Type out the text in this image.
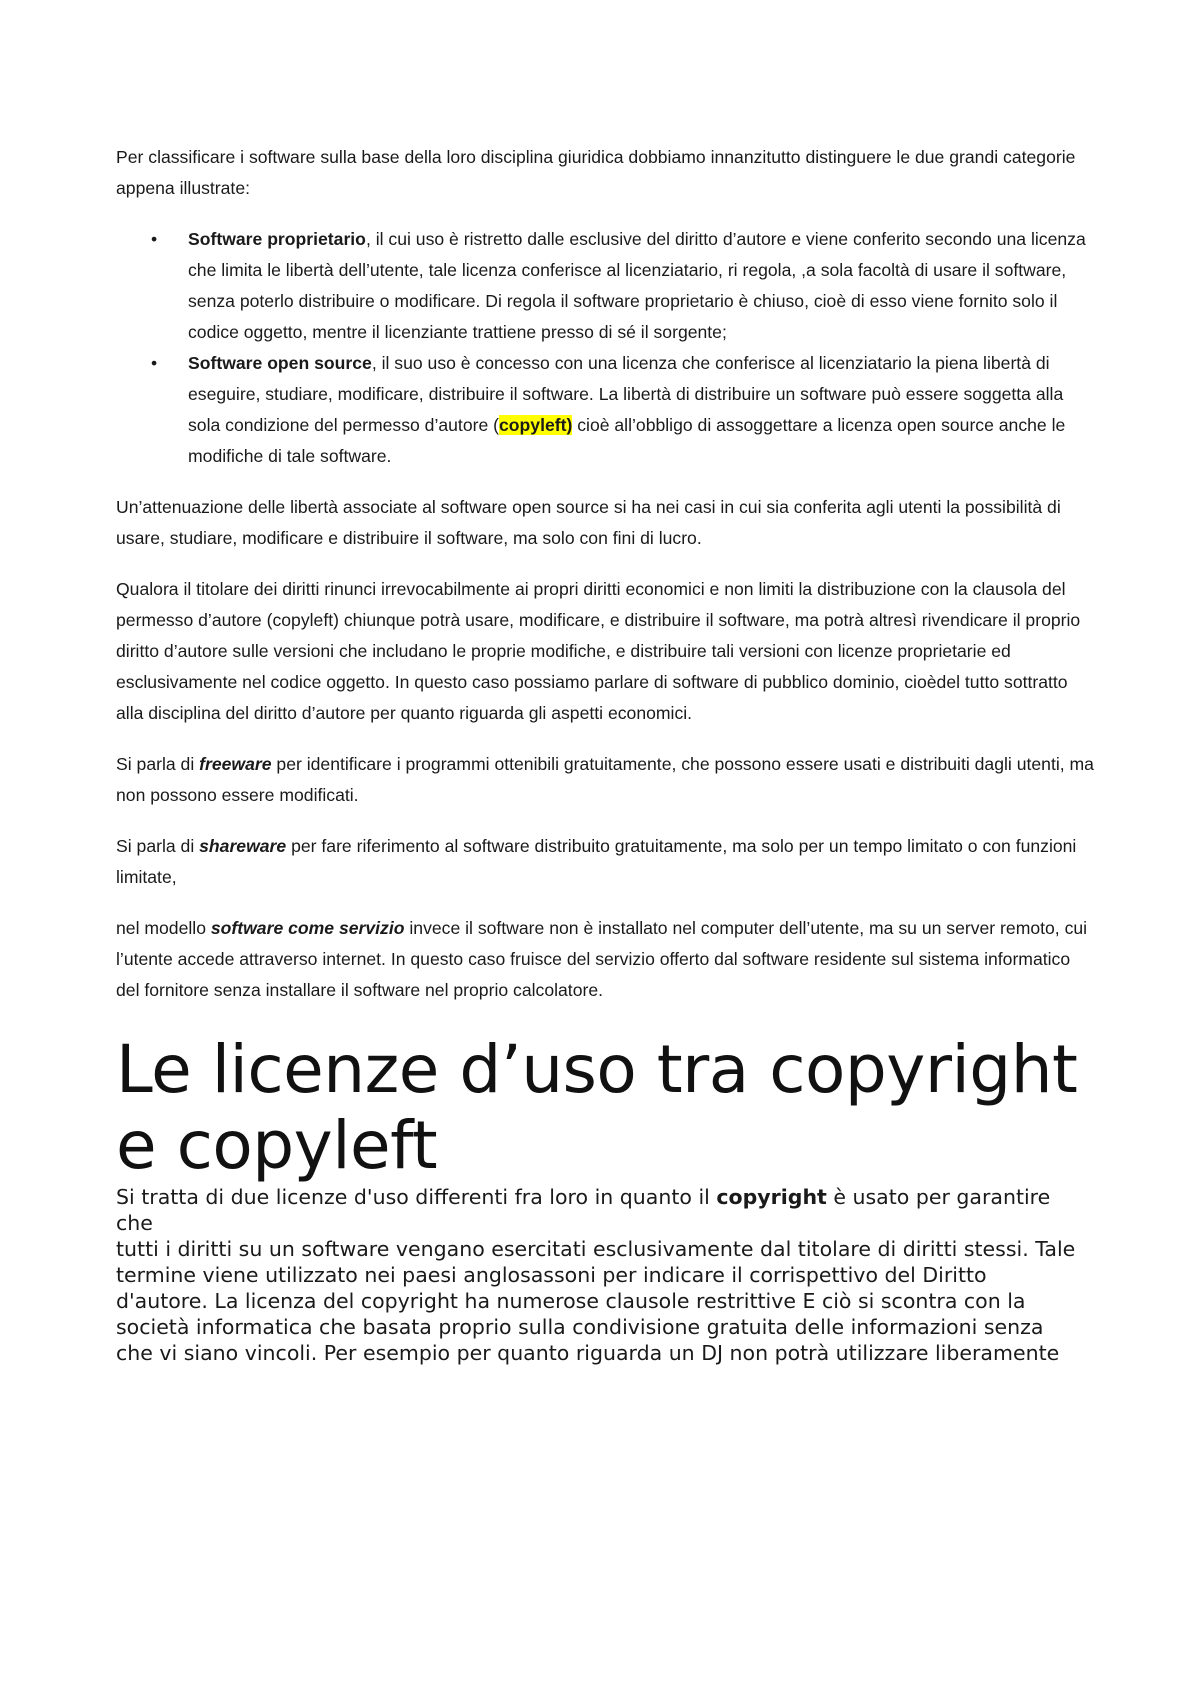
Per classificare i software sulla base della loro disciplina giuridica dobbiamo innanzitutto distinguere le due grandi categorie appena illustrate:

• Software proprietario, il cui uso è ristretto dalle esclusive del diritto d’autore e viene conferito secondo una licenza che limita le libertà dell’utente, tale licenza conferisce al licenziatario, ri regola, ,a sola facoltà di usare il software, senza poterlo distribuire o modificare. Di regola il software proprietario è chiuso, cioè di esso viene fornito solo il codice oggetto, mentre il licenziante trattiene presso di sé il sorgente;
• Software open source, il suo uso è concesso con una licenza che conferisce al licenziatario la piena libertà di eseguire, studiare, modificare, distribuire il software. La libertà di distribuire un software può essere soggetta alla sola condizione del permesso d’autore (copyleft) cioè all’obbligo di assoggettare a licenza open source anche le modifiche di tale software.

Un’attenuazione delle libertà associate al software open source si ha nei casi in cui sia conferita agli utenti la possibilità di usare, studiare, modificare e distribuire il software, ma solo con fini di lucro.

Qualora il titolare dei diritti rinunci irrevocabilmente ai propri diritti economici e non limiti la distribuzione con la clausola del permesso d’autore (copyleft) chiunque potrà usare, modificare, e distribuire il software, ma potrà altresì rivendicare il proprio diritto d’autore sulle versioni che includano le proprie modifiche, e distribuire tali versioni con licenze proprietarie ed esclusivamente nel codice oggetto. In questo caso possiamo parlare di software di pubblico dominio, cioèdel tutto sottratto alla disciplina del diritto d’autore per quanto riguarda gli aspetti economici.

Si parla di freeware per identificare i programmi ottenibili gratuitamente, che possono essere usati e distribuiti dagli utenti, ma non possono essere modificati.

Si parla di shareware per fare riferimento al software distribuito gratuitamente, ma solo per un tempo limitato o con funzioni limitate,

nel modello software come servizio invece il software non è installato nel computer dell’utente, ma su un server remoto, cui l’utente accede attraverso internet. In questo caso fruisce del servizio offerto dal software residente sul sistema informatico del fornitore senza installare il software nel proprio calcolatore.

Le licenze d’uso tra copyright e copyleft

Si tratta di due licenze d'uso differenti fra loro in quanto il copyright è usato per garantire che

tutti i diritti su un software vengano esercitati esclusivamente dal titolare di diritti stessi. Tale

termine viene utilizzato nei paesi anglosassoni per indicare il corrispettivo del Diritto d'autore. La licenza del copyright ha numerose clausole restrittive E ciò si scontra con la

società informatica che basata proprio sulla condivisione gratuita delle informazioni senza

che vi siano vincoli. Per esempio per quanto riguarda un DJ non potrà utilizzare liberamente
